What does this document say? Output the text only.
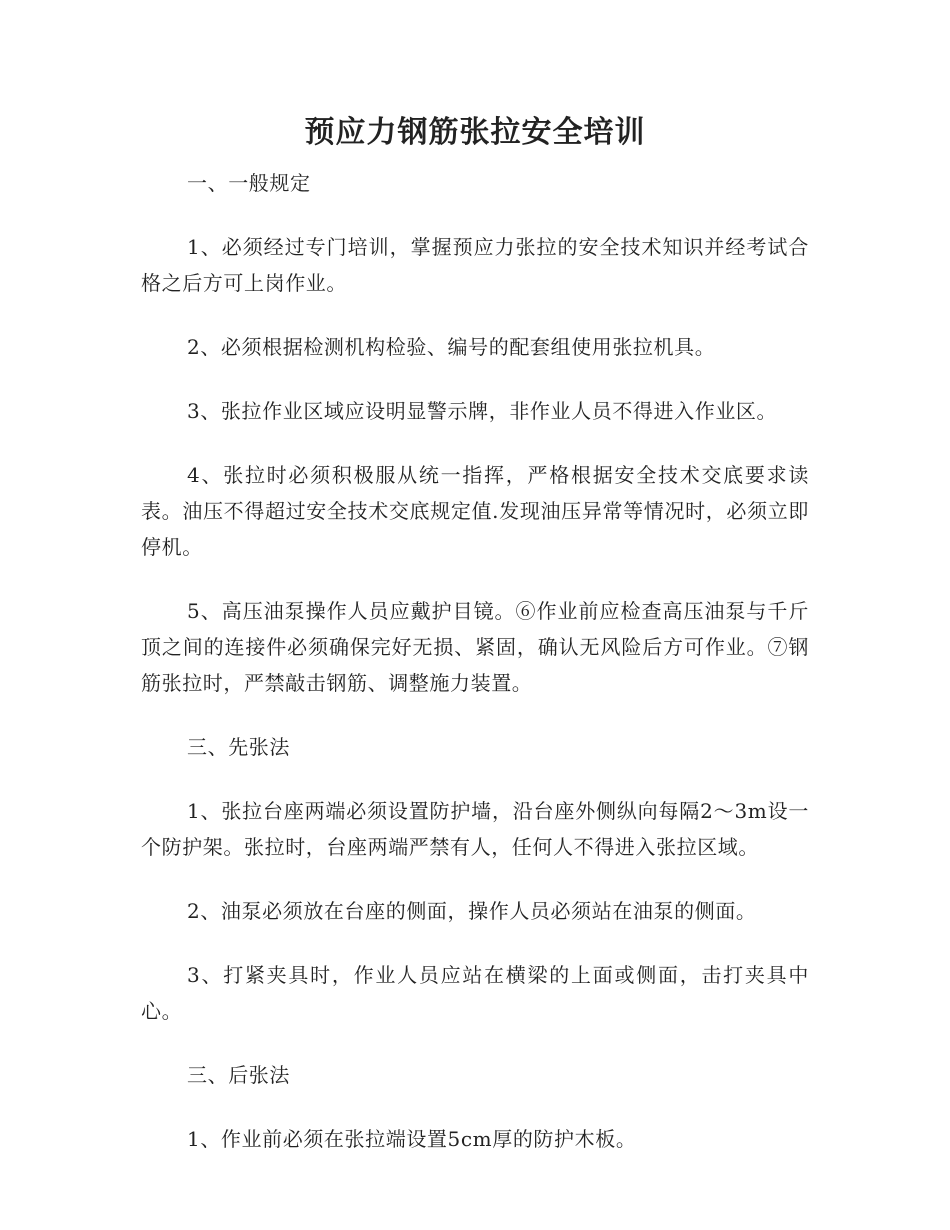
预应力钢筋张拉安全培训
一、一般规定

1、必须经过专门培训，掌握预应力张拉的安全技术知识并经考试合格之后方可上岗作业。

2、必须根据检测机构检验、编号的配套组使用张拉机具。

3、张拉作业区域应设明显警示牌，非作业人员不得进入作业区。

4、张拉时必须积极服从统一指挥，严格根据安全技术交底要求读表。油压不得超过安全技术交底规定值.发现油压异常等情况时，必须立即停机。

5、高压油泵操作人员应戴护目镜。⑥作业前应检查高压油泵与千斤顶之间的连接件必须确保完好无损、紧固，确认无风险后方可作业。⑦钢筋张拉时，严禁敲击钢筋、调整施力装置。

三、先张法

1、张拉台座两端必须设置防护墙，沿台座外侧纵向每隔2～3m设一个防护架。张拉时，台座两端严禁有人，任何人不得进入张拉区域。

2、油泵必须放在台座的侧面，操作人员必须站在油泵的侧面。

3、打紧夹具时，作业人员应站在横梁的上面或侧面，击打夹具中心。

三、后张法

1、作业前必须在张拉端设置5cm厚的防护木板。
